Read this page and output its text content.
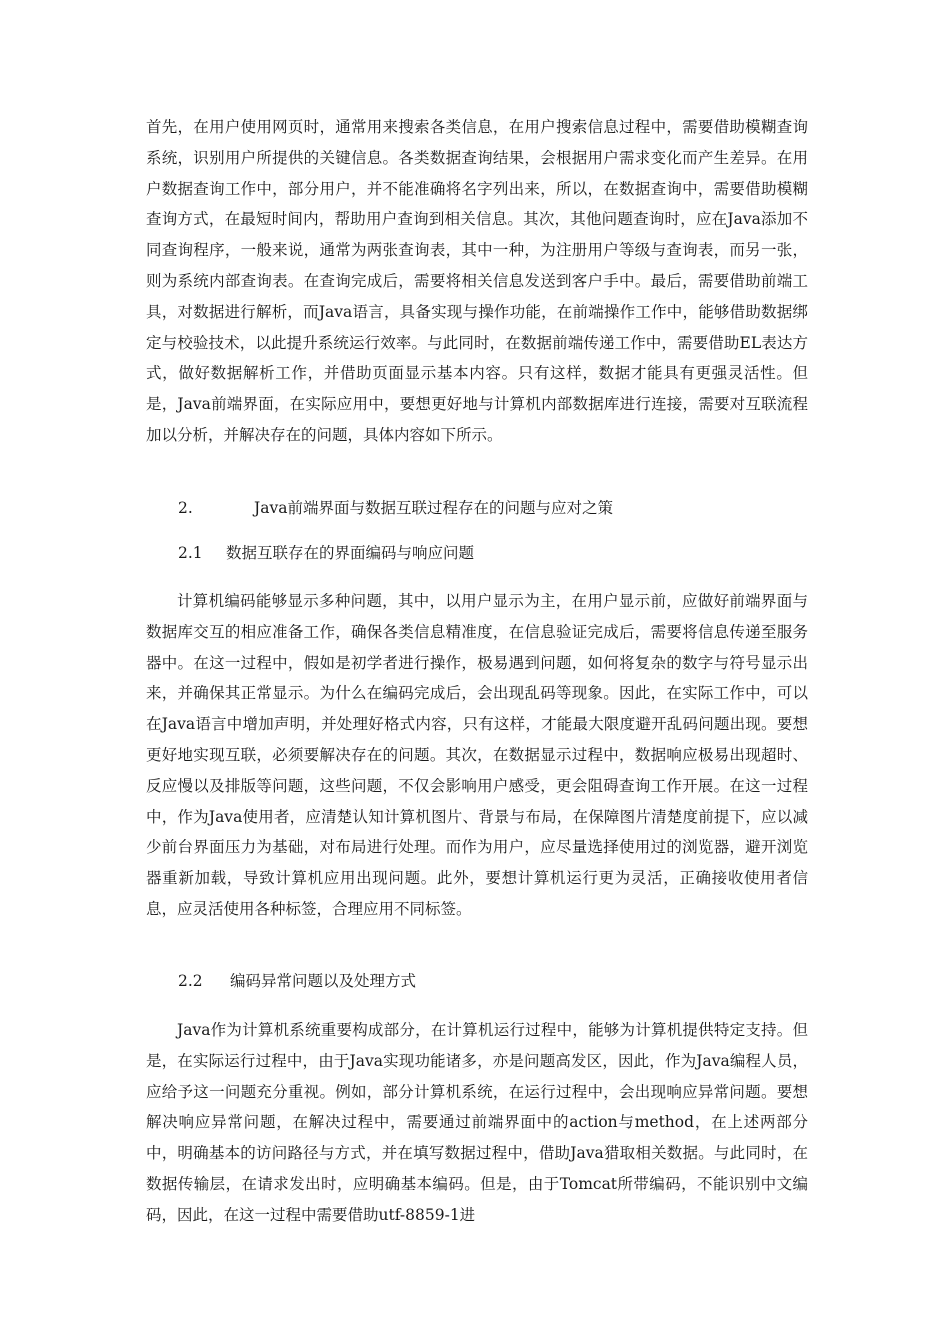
首先，在用户使用网页时，通常用来搜索各类信息，在用户搜索信息过程中，需要借助模糊查询系统，识别用户所提供的关键信息。各类数据查询结果，会根据用户需求变化而产生差异。在用户数据查询工作中，部分用户，并不能准确将名字列出来，所以，在数据查询中，需要借助模糊查询方式，在最短时间内，帮助用户查询到相关信息。其次，其他问题查询时，应在Java添加不同查询程序，一般来说，通常为两张查询表，其中一种，为注册用户等级与查询表，而另一张，则为系统内部查询表。在查询完成后，需要将相关信息发送到客户手中。最后，需要借助前端工具，对数据进行解析，而Java语言，具备实现与操作功能，在前端操作工作中，能够借助数据绑定与校验技术，以此提升系统运行效率。与此同时，在数据前端传递工作中，需要借助EL表达方式，做好数据解析工作，并借助页面显示基本内容。只有这样，数据才能具有更强灵活性。但是，Java前端界面，在实际应用中，要想更好地与计算机内部数据库进行连接，需要对互联流程加以分析，并解决存在的问题，具体内容如下所示。

2.	Java前端界面与数据互联过程存在的问题与应对之策
2.1 数据互联存在的界面编码与响应问题

计算机编码能够显示多种问题，其中，以用户显示为主，在用户显示前，应做好前端界面与数据库交互的相应准备工作，确保各类信息精准度，在信息验证完成后，需要将信息传递至服务器中。在这一过程中，假如是初学者进行操作，极易遇到问题，如何将复杂的数字与符号显示出来，并确保其正常显示。为什么在编码完成后，会出现乱码等现象。因此，在实际工作中，可以在Java语言中增加声明，并处理好格式内容，只有这样，才能最大限度避开乱码问题出现。要想更好地实现互联，必须要解决存在的问题。其次，在数据显示过程中，数据响应极易出现超时、反应慢以及排版等问题，这些问题，不仅会影响用户感受，更会阻碍查询工作开展。在这一过程中，作为Java使用者，应清楚认知计算机图片、背景与布局，在保障图片清楚度前提下，应以减少前台界面压力为基础，对布局进行处理。而作为用户，应尽量选择使用过的浏览器，避开浏览器重新加载，导致计算机应用出现问题。此外，要想计算机运行更为灵活，正确接收使用者信息，应灵活使用各种标签，合理应用不同标签。

2.2 编码异常问题以及处理方式

Java作为计算机系统重要构成部分，在计算机运行过程中，能够为计算机提供特定支持。但是，在实际运行过程中，由于Java实现功能诸多，亦是问题高发区，因此，作为Java编程人员，应给予这一问题充分重视。例如，部分计算机系统，在运行过程中，会出现响应异常问题。要想解决响应异常问题，在解决过程中，需要通过前端界面中的action与method，在上述两部分中，明确基本的访问路径与方式，并在填写数据过程中，借助Java猎取相关数据。与此同时，在数据传输层，在请求发出时，应明确基本编码。但是，由于Tomcat所带编码，不能识别中文编码，因此，在这一过程中需要借助utf-8859-1进
